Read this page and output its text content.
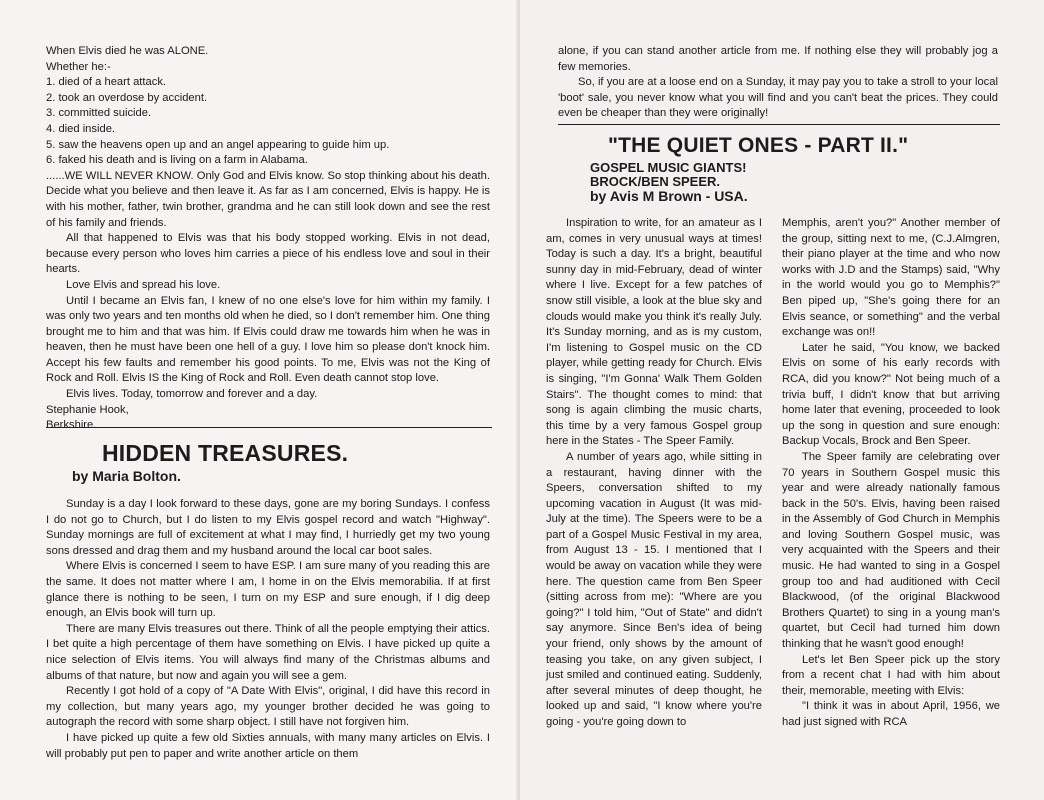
When Elvis died he was ALONE.

Whether he:-

1. died of a heart attack.

2. took an overdose by accident.

3. committed suicide.

4. died inside.

5. saw the heavens open up and an angel appearing to guide him up.

6. faked his death and is living on a farm in Alabama.

......WE WILL NEVER KNOW. Only God and Elvis know. So stop thinking about his death. Decide what you believe and then leave it. As far as I am concerned, Elvis is happy. He is with his mother, father, twin brother, grandma and he can still look down and see the rest of his family and friends.

All that happened to Elvis was that his body stopped working. Elvis in not dead, because every person who loves him carries a piece of his endless love and soul in their hearts.

Love Elvis and spread his love.

Until I became an Elvis fan, I knew of no one else's love for him within my family. I was only two years and ten months old when he died, so I don't remember him. One thing brought me to him and that was him. If Elvis could draw me towards him when he was in heaven, then he must have been one hell of a guy. I love him so please don't knock him. Accept his few faults and remember his good points. To me, Elvis was not the King of Rock and Roll. Elvis IS the King of Rock and Roll. Even death cannot stop love.

Elvis lives. Today, tomorrow and forever and a day.

Stephanie Hook,

Berkshire.

HIDDEN TREASURES.
by Maria Bolton.

Sunday is a day I look forward to these days, gone are my boring Sundays. I confess I do not go to Church, but I do listen to my Elvis gospel record and watch "Highway". Sunday mornings are full of excitement at what I may find, I hurriedly get my two young sons dressed and drag them and my husband around the local car boot sales.

Where Elvis is concerned I seem to have ESP. I am sure many of you reading this are the same. It does not matter where I am, I home in on the Elvis memorabilia. If at first glance there is nothing to be seen, I turn on my ESP and sure enough, if I dig deep enough, an Elvis book will turn up.

There are many Elvis treasures out there. Think of all the people emptying their attics. I bet quite a high percentage of them have something on Elvis. I have picked up quite a nice selection of Elvis items. You will always find many of the Christmas albums and albums of that nature, but now and again you will see a gem.

Recently I got hold of a copy of "A Date With Elvis", original, I did have this record in my collection, but many years ago, my younger brother decided he was going to autograph the record with some sharp object. I still have not forgiven him.

I have picked up quite a few old Sixties annuals, with many many articles on Elvis. I will probably put pen to paper and write another article on them

alone, if you can stand another article from me. If nothing else they will probably jog a few memories.

So, if you are at a loose end on a Sunday, it may pay you to take a stroll to your local 'boot' sale, you never know what you will find and you can't beat the prices. They could even be cheaper than they were originally!

"THE QUIET ONES - PART II."
GOSPEL MUSIC GIANTS!
BROCK/BEN SPEER.
by Avis M Brown - USA.

Inspiration to write, for an amateur as I am, comes in very unusual ways at times! Today is such a day. It's a bright, beautiful sunny day in mid-February, dead of winter where I live. Except for a few patches of snow still visible, a look at the blue sky and clouds would make you think it's really July. It's Sunday morning, and as is my custom, I'm listening to Gospel music on the CD player, while getting ready for Church. Elvis is singing, "I'm Gonna' Walk Them Golden Stairs". The thought comes to mind: that song is again climbing the music charts, this time by a very famous Gospel group here in the States - The Speer Family.

A number of years ago, while sitting in a restaurant, having dinner with the Speers, conversation shifted to my upcoming vacation in August (It was mid-July at the time). The Speers were to be a part of a Gospel Music Festival in my area, from August 13 - 15. I mentioned that I would be away on vacation while they were here. The question came from Ben Speer (sitting across from me): "Where are you going?" I told him, "Out of State" and didn't say anymore. Since Ben's idea of being your friend, only shows by the amount of teasing you take, on any given subject, I just smiled and continued eating. Suddenly, after several minutes of deep thought, he looked up and said, "I know where you're going - you're going down to

Memphis, aren't you?" Another member of the group, sitting next to me, (C.J.Almgren, their piano player at the time and who now works with J.D and the Stamps) said, "Why in the world would you go to Memphis?" Ben piped up, "She's going there for an Elvis seance, or something" and the verbal exchange was on!!

Later he said, "You know, we backed Elvis on some of his early records with RCA, did you know?" Not being much of a trivia buff, I didn't know that but arriving home later that evening, proceeded to look up the song in question and sure enough: Backup Vocals, Brock and Ben Speer.

The Speer family are celebrating over 70 years in Southern Gospel music this year and were already nationally famous back in the 50's. Elvis, having been raised in the Assembly of God Church in Memphis and loving Southern Gospel music, was very acquainted with the Speers and their music. He had wanted to sing in a Gospel group too and had auditioned with Cecil Blackwood, (of the original Blackwood Brothers Quartet) to sing in a young man's quartet, but Cecil had turned him down thinking that he wasn't good enough!

Let's let Ben Speer pick up the story from a recent chat I had with him about their, memorable, meeting with Elvis:

"I think it was in about April, 1956, we had just signed with RCA
